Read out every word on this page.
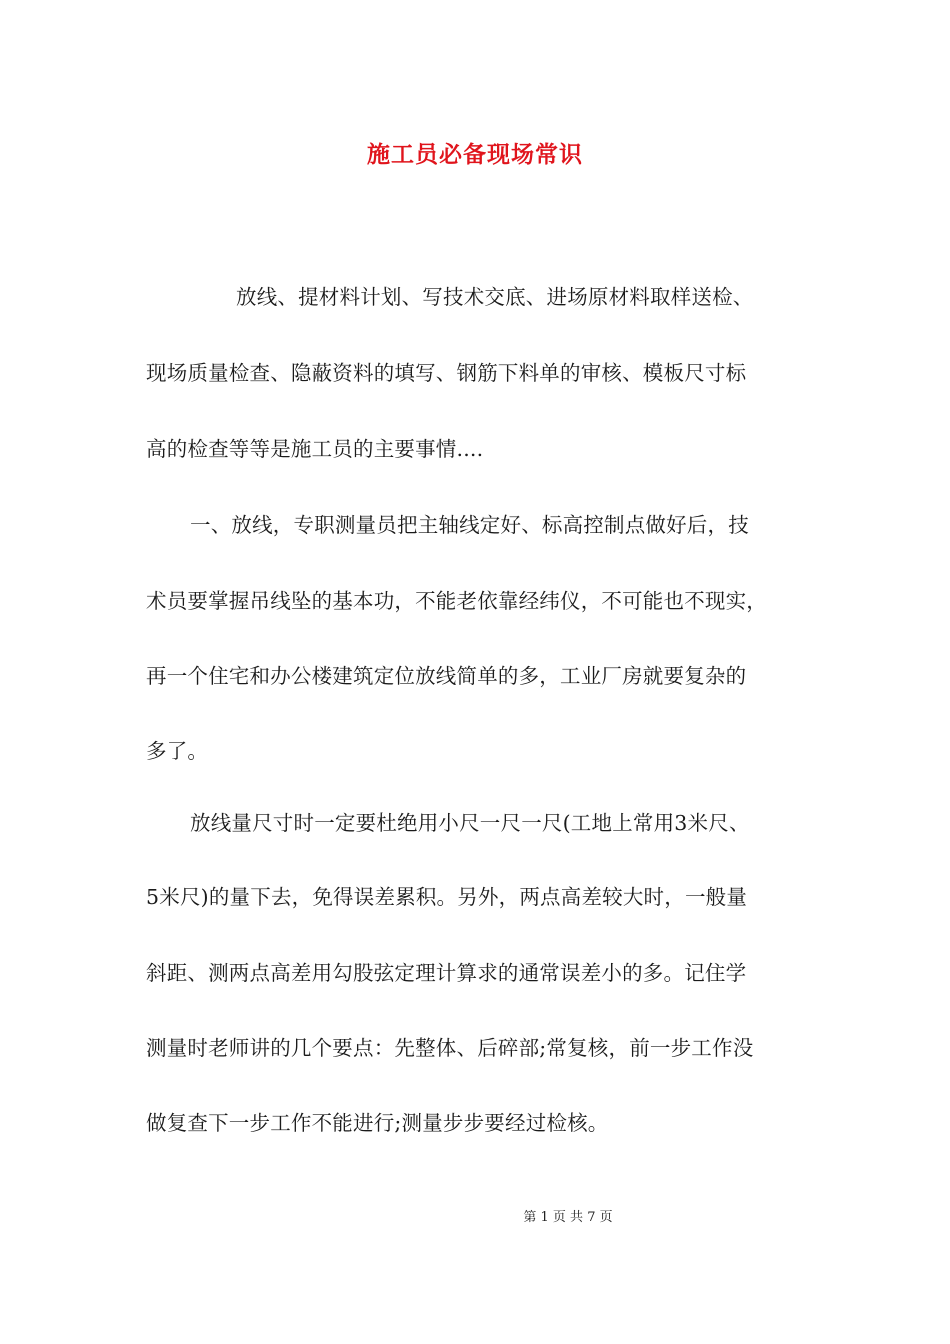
施工员必备现场常识
放线、提材料计划、写技术交底、进场原材料取样送检、
现场质量检查、隐蔽资料的填写、钢筋下料单的审核、模板尺寸标
高的检查等等是施工员的主要事情....
一、放线，专职测量员把主轴线定好、标高控制点做好后，技
术员要掌握吊线坠的基本功，不能老依靠经纬仪，不可能也不现实，
再一个住宅和办公楼建筑定位放线简单的多，工业厂房就要复杂的
多了。
放线量尺寸时一定要杜绝用小尺一尺一尺(工地上常用3米尺、
5米尺)的量下去，免得误差累积。另外，两点高差较大时，一般量
斜距、测两点高差用勾股弦定理计算求的通常误差小的多。记住学
测量时老师讲的几个要点：先整体、后碎部;常复核，前一步工作没
做复查下一步工作不能进行;测量步步要经过检核。
第 1 页 共 7 页
